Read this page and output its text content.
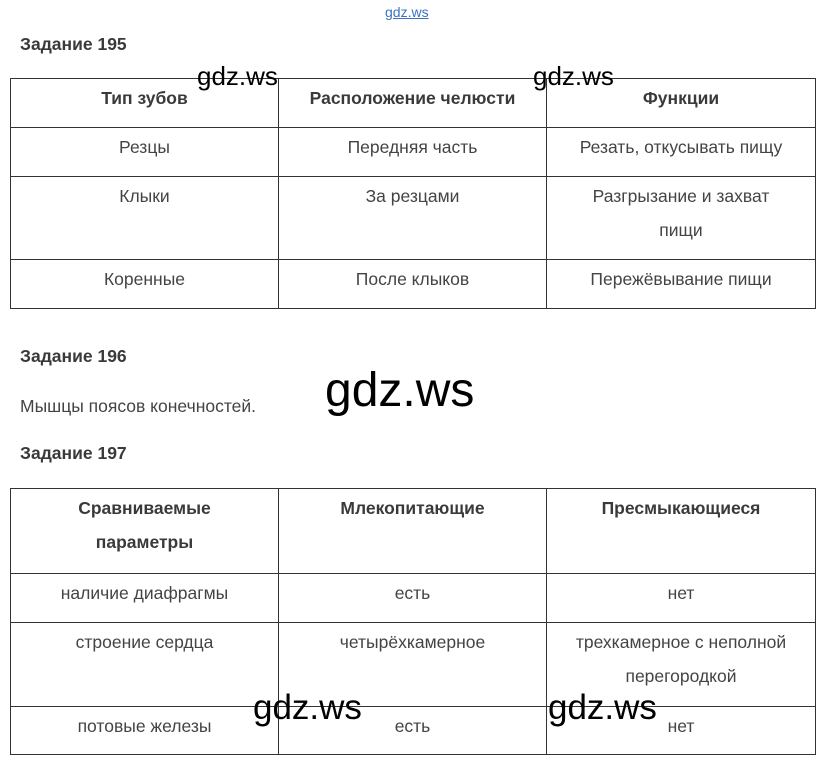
gdz.ws
Задание 195
Тип зубов	Расположение челюсти	Функции
Резцы	Передняя часть	Резать, откусывать пищу
Клыки	За резцами	Разгрызание и захват пищи
Коренные	После клыков	Пережёвывание пищи
Задание 196
Мышцы поясов конечностей.
Задание 197
Сравниваемые параметры	Млекопитающие	Пресмыкающиеся
наличие диафрагмы	есть	нет
строение сердца	четырёхкамерное	трехкамерное с неполной перегородкой
потовые железы	есть	нет
gdz.ws	gdz.ws
gdz.ws
gdz.ws	gdz.ws
